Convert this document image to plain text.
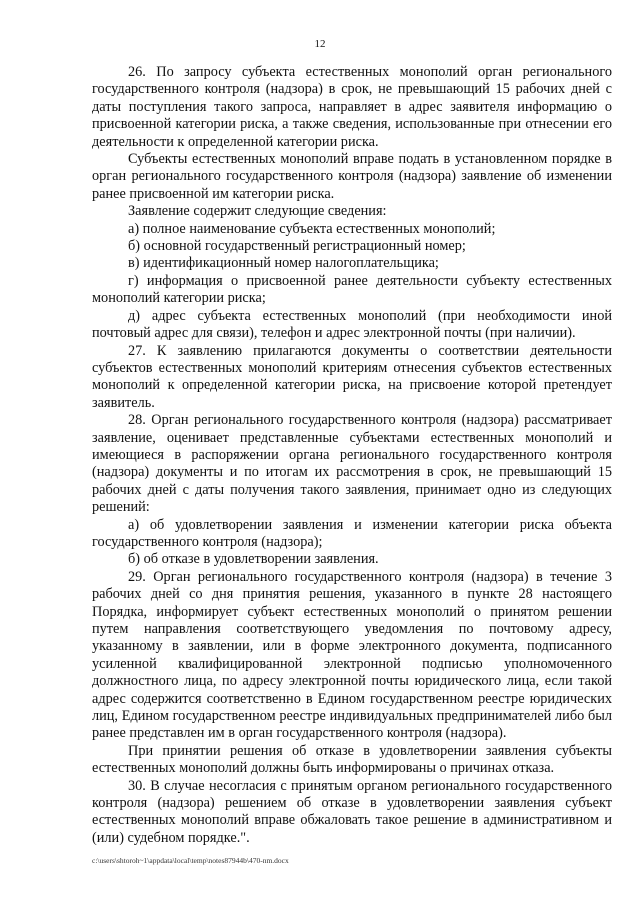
12

26. По запросу субъекта естественных монополий орган регионального государственного контроля (надзора) в срок, не превышающий 15 рабочих дней с даты поступления такого запроса, направляет в адрес заявителя информацию о присвоенной категории риска, а также сведения, использованные при отнесении его деятельности к определенной категории риска.

Субъекты естественных монополий вправе подать в установленном порядке в орган регионального государственного контроля (надзора) заявление об изменении ранее присвоенной им категории риска.

Заявление содержит следующие сведения:

а) полное наименование субъекта естественных монополий;

б) основной государственный регистрационный номер;

в) идентификационный номер налогоплательщика;

г) информация о присвоенной ранее деятельности субъекту естественных монополий категории риска;

д) адрес субъекта естественных монополий (при необходимости иной почтовый адрес для связи), телефон и адрес электронной почты (при наличии).

27. К заявлению прилагаются документы о соответствии деятельности субъектов естественных монополий критериям отнесения субъектов естественных монополий к определенной категории риска, на присвоение которой претендует заявитель.

28. Орган регионального государственного контроля (надзора) рассматривает заявление, оценивает представленные субъектами естественных монополий и имеющиеся в распоряжении органа регионального государственного контроля (надзора) документы и по итогам их рассмотрения в срок, не превышающий 15 рабочих дней с даты получения такого заявления, принимает одно из следующих решений:

а) об удовлетворении заявления и изменении категории риска объекта государственного контроля (надзора);

б) об отказе в удовлетворении заявления.

29. Орган регионального государственного контроля (надзора) в течение 3 рабочих дней со дня принятия решения, указанного в пункте 28 настоящего Порядка, информирует субъект естественных монополий о принятом решении путем направления соответствующего уведомления по почтовому адресу, указанному в заявлении, или в форме электронного документа, подписанного усиленной квалифицированной электронной подписью уполномоченного должностного лица, по адресу электронной почты юридического лица, если такой адрес содержится соответственно в Едином государственном реестре юридических лиц, Едином государственном реестре индивидуальных предпринимателей либо был ранее представлен им в орган государственного контроля (надзора).

При принятии решения об отказе в удовлетворении заявления субъекты естественных монополий должны быть информированы о причинах отказа.

30. В случае несогласия с принятым органом регионального государственного контроля (надзора) решением об отказе в удовлетворении заявления субъект естественных монополий вправе обжаловать такое решение в административном и (или) судебном порядке.".

c:\users\shtoroh~1\appdata\local\temp\notes87944b\470-nm.docx
